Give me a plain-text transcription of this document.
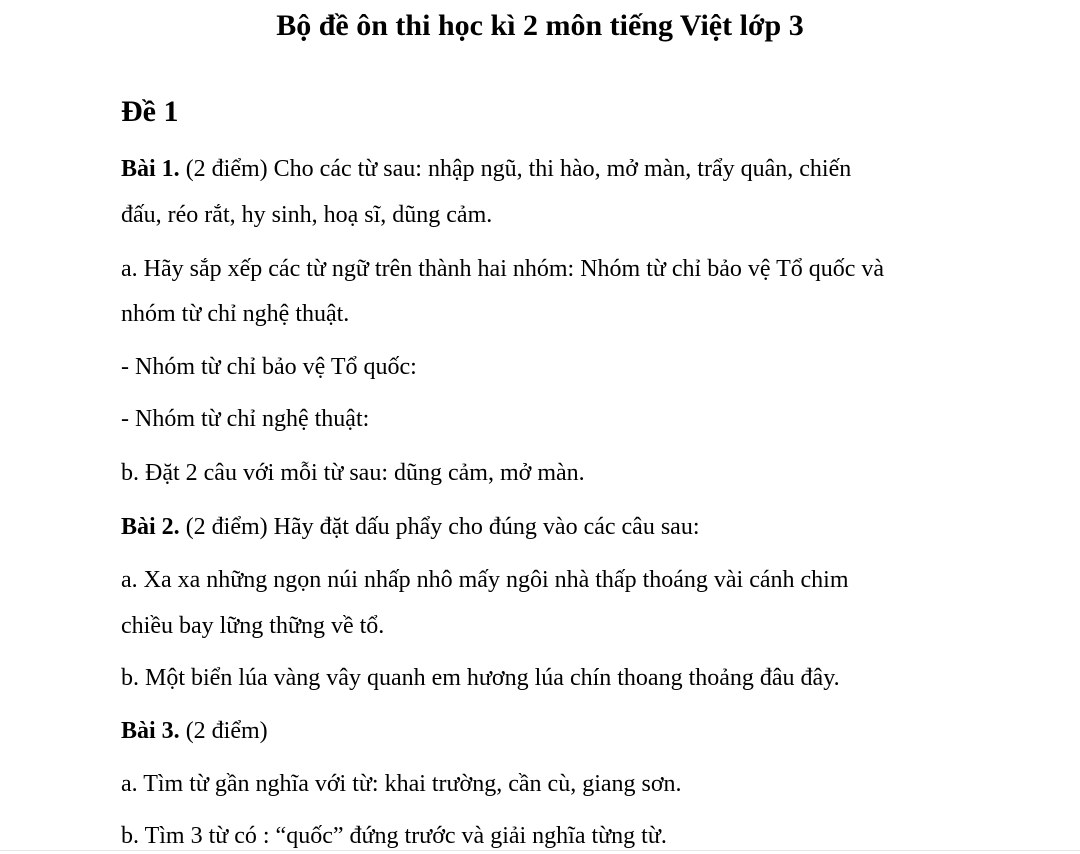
Bộ đề ôn thi học kì 2 môn tiếng Việt lớp 3
Đề 1

Bài 1. (2 điểm) Cho các từ sau: nhập ngũ, thi hào, mở màn, trẩy quân, chiến

đấu, réo rắt, hy sinh, hoạ sĩ, dũng cảm.

a. Hãy sắp xếp các từ ngữ trên thành hai nhóm: Nhóm từ chỉ bảo vệ Tổ quốc và

nhóm từ chỉ nghệ thuật.

- Nhóm từ chỉ bảo vệ Tổ quốc:

- Nhóm từ chỉ nghệ thuật:

b. Đặt 2 câu với mỗi từ sau: dũng cảm, mở màn.

Bài 2. (2 điểm) Hãy đặt dấu phẩy cho đúng vào các câu sau:

a. Xa xa những ngọn núi nhấp nhô mấy ngôi nhà thấp thoáng vài cánh chim

chiều bay lững thững về tổ.

b. Một biển lúa vàng vây quanh em hương lúa chín thoang thoảng đâu đây.

Bài 3. (2 điểm)

a. Tìm từ gần nghĩa với từ: khai trường, cần cù, giang sơn.

b. Tìm 3 từ có : “quốc” đứng trước và giải nghĩa từng từ.
